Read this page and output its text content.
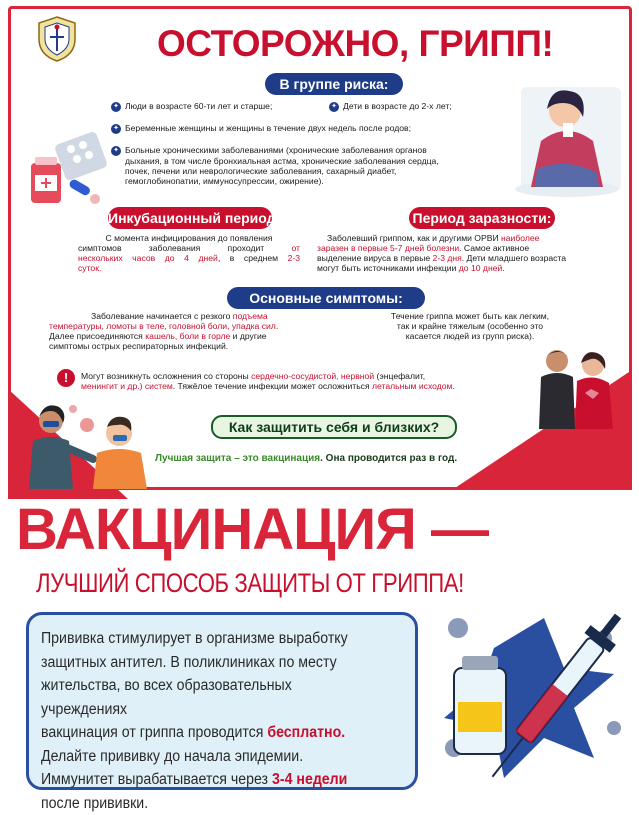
ОСТОРОЖНО, ГРИПП!
В группе риска:
✦ Люди в возрасте 60-ти лет и старше;	✦ Дети в возрасте до 2-х лет;
✦ Беременные женщины и женщины в течение двух недель после родов;
✦ Больные хроническими заболеваниями (хронические заболевания органов
дыхания, в том числе бронхиальная астма, хронические заболевания сердца,
почек, печени или неврологические заболевания, сахарный диабет,
гемоглобинопатии, иммуносупрессии, ожирение).
Инкубационный период:
С момента инфицирования до появления
симптомов заболевания проходит от
нескольких часов до 4 дней, в среднем 2-3
суток.
Период заразности:
Заболевший гриппом, как и другими ОРВИ наиболее
заразен в первые 5-7 дней болезни. Самое активное
выделение вируса в первые 2-3 дня. Дети младшего возраста
могут быть источниками инфекции до 10 дней.
Основные симптомы:
Заболевание начинается с резкого подъема
температуры, ломоты в теле, головной боли, упадка сил.
Далее присоединяются кашель, боли в горле и другие
симптомы острых респираторных инфекций.
Течение гриппа может быть как легким,
так и крайне тяжелым (особенно это
касается людей из групп риска).
!	Могут возникнуть осложнения со стороны сердечно-сосудистой, нервной (энцефалит,
менингит и др.) систем. Тяжёлое течение инфекции может осложниться летальным исходом.
Как защитить себя и близких?
Лучшая защита – это вакцинация. Она проводится раз в год.
ВАКЦИНАЦИЯ —
ЛУЧШИЙ СПОСОБ ЗАЩИТЫ ОТ ГРИППА!
Прививка стимулирует в организме выработку
защитных антител. В поликлиниках по месту
жительства, во всех образовательных учреждениях
вакцинация от гриппа проводится бесплатно.
Делайте прививку до начала эпидемии.
Иммунитет вырабатывается через 3-4 недели
после прививки.
